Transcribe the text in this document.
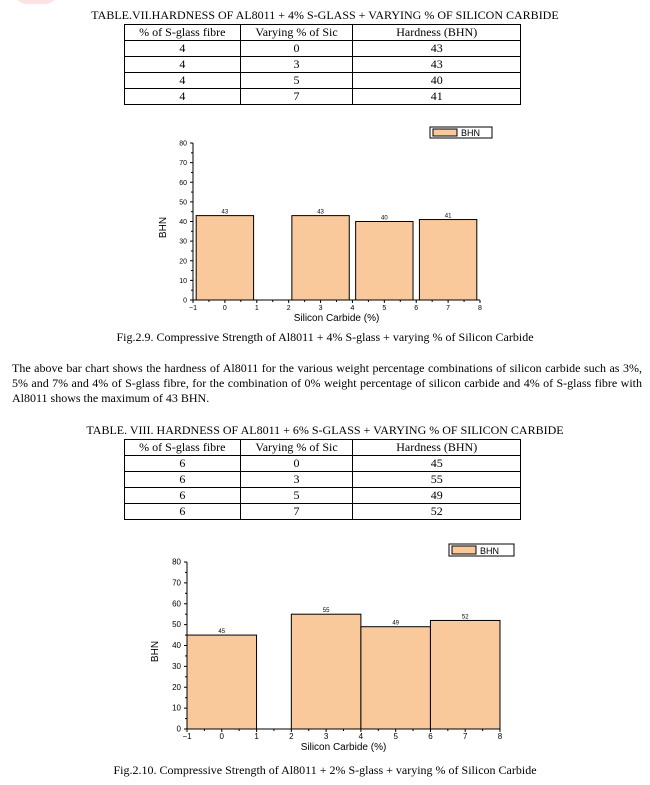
TABLE.VII.HARDNESS OF AL8011 + 4% S-GLASS + VARYING % OF SILICON CARBIDE
% of S-glass fibre	Varying % of Sic	Hardness (BHN)
4	0	43
4	3	43
4	5	40
4	7	41
43	43
40	41
0
10
20
30
40
50
60
70
80
−1	0	1	2	3	4	5	6	7	8
Silicon Carbide (%)
BHN
BHN
Fig.2.9. Compressive Strength of Al8011 + 4% S-glass + varying % of Silicon Carbide
The above bar chart shows the hardness of Al8011 for the various weight percentage combinations of silicon carbide such as 3%, 5% and 7% and 4% of S-glass fibre, for the combination of 0% weight percentage of silicon carbide and 4% of S-glass fibre with Al8011 shows the maximum of 43 BHN.
TABLE. VIII. HARDNESS OF AL8011 + 6% S-GLASS + VARYING % OF SILICON CARBIDE
% of S-glass fibre	Varying % of Sic	Hardness (BHN)
6	0	45
6	3	55
6	5	49
6	7	52
45
55
49
52
0
10
20
30
40
50
60
70
80
−1	0	1	2	3	4	5	6	7	8
Silicon Carbide (%)
BHN
BHN
Fig.2.10. Compressive Strength of Al8011 + 2% S-glass + varying % of Silicon Carbide
